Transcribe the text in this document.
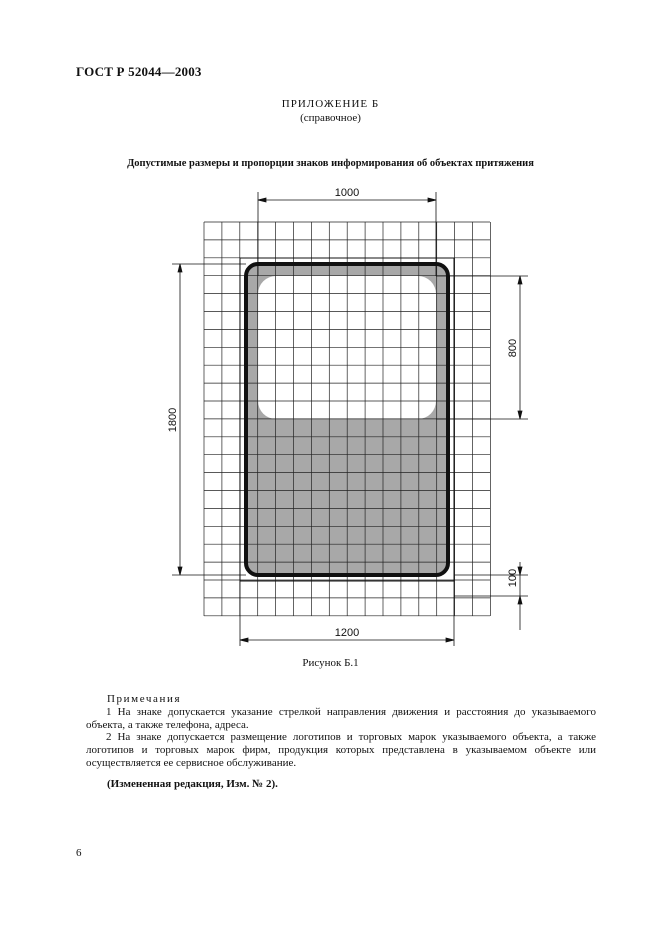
ГОСТ Р 52044—2003
ПРИЛОЖЕНИЕ Б
(справочное)
Допустимые размеры и пропорции знаков информирования об объектах притяжения
1000
1800
800
100
1200
Рисунок Б.1
Примечания

1 На знаке допускается указание стрелкой направления движения и расстояния до указываемого объекта, а также телефона, адреса.

2 На знаке допускается размещение логотипов и торговых марок указываемого объекта, а также логотипов и торговых марок фирм, продукция которых представлена в указываемом объекте или осуществляется ее сервисное обслуживание.

(Измененная редакция, Изм. № 2).
6
